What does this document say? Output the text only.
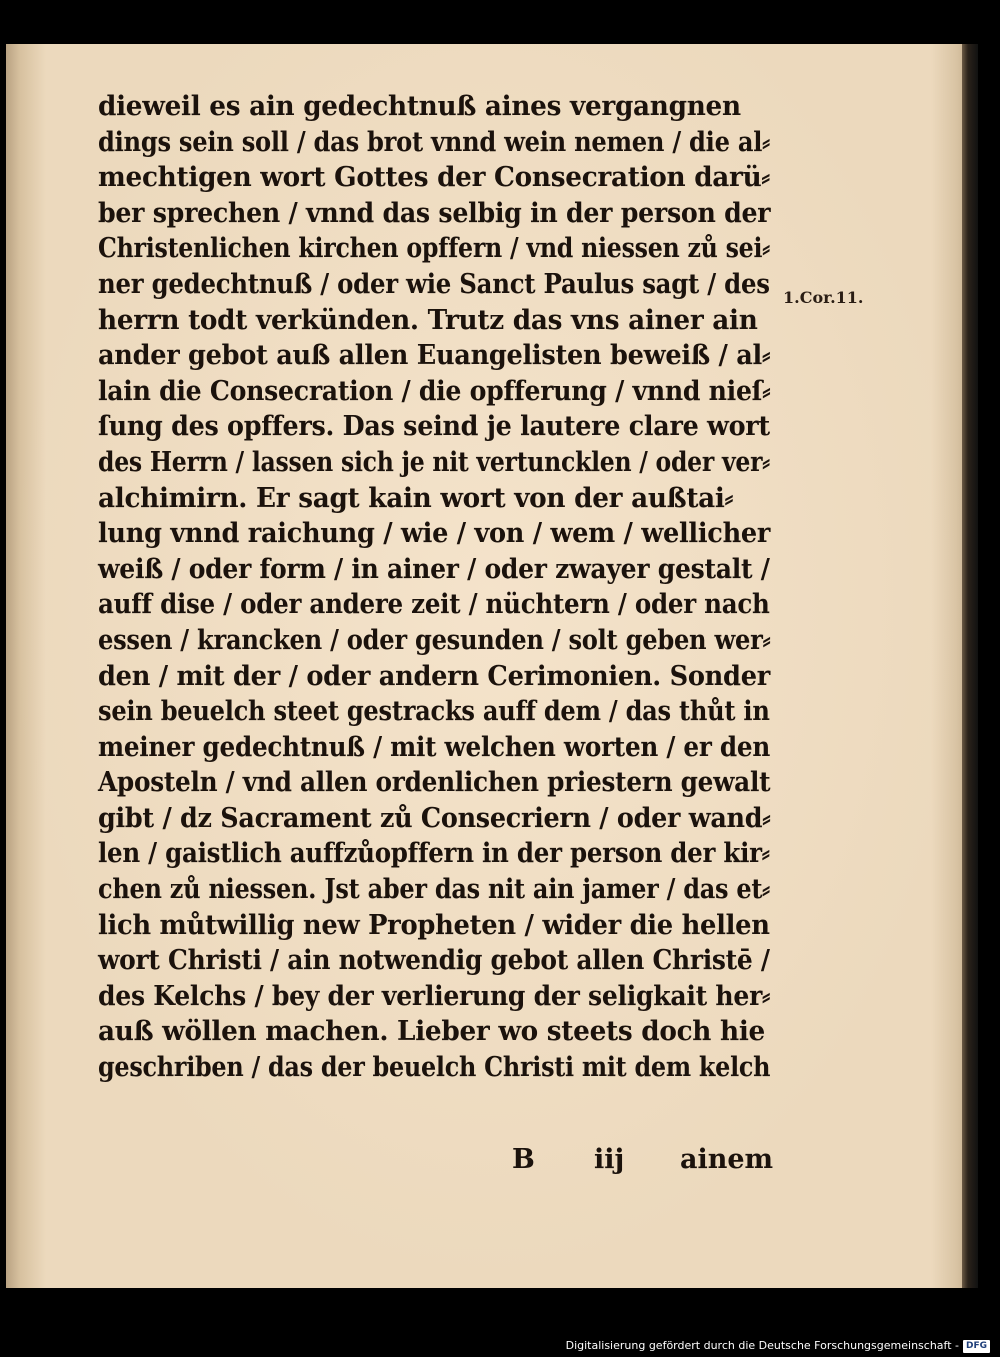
dieweil es ain gedechtnuß aines vergangnen
dings sein soll / das brot vnnd wein nemen / die al⸗
mechtigen wort Gottes der Consecration darü⸗
ber sprechen / vnnd das selbig in der person der
Christenlichen kirchen opffern / vnd niessen zů sei⸗
ner gedechtnuß / oder wie Sanct Paulus sagt / des
herrn todt verkünden. Trutz das vns ainer ain
ander gebot auß allen Euangelisten beweiß / al⸗
lain die Consecration / die opfferung / vnnd nieſ⸗
ſung des opffers. Das seind je lautere clare wort
des Herrn / lassen sich je nit vertuncklen / oder ver⸗
alchimirn. Er sagt kain wort von der außtai⸗
lung vnnd raichung / wie / von / wem / wellicher
weiß / oder form / in ainer / oder zwayer gestalt /
auff dise / oder andere zeit / nüchtern / oder nach
essen / krancken / oder gesunden / solt geben wer⸗
den / mit der / oder andern Cerimonien. Sonder
sein beuelch steet gestracks auff dem / das thůt in
meiner gedechtnuß / mit welchen worten / er den
Aposteln / vnd allen ordenlichen priestern gewalt
gibt / dz Sacrament zů Consecriern / oder wand⸗
len / gaistlich auffzůopffern in der person der kir⸗
chen zů niessen. Jst aber das nit ain jamer / das et⸗
lich můtwillig new Propheten / wider die hellen
wort Christi / ain notwendig gebot allen Christē /
des Kelchs / bey der verlierung der seligkait her⸗
auß wöllen machen. Lieber wo steets doch hie
geschriben / das der beuelch Christi mit dem kelch
1.Cor.11.
B iij ainem
Digitalisierung gefördert durch die Deutsche Forschungsgemeinschaft - DFG
